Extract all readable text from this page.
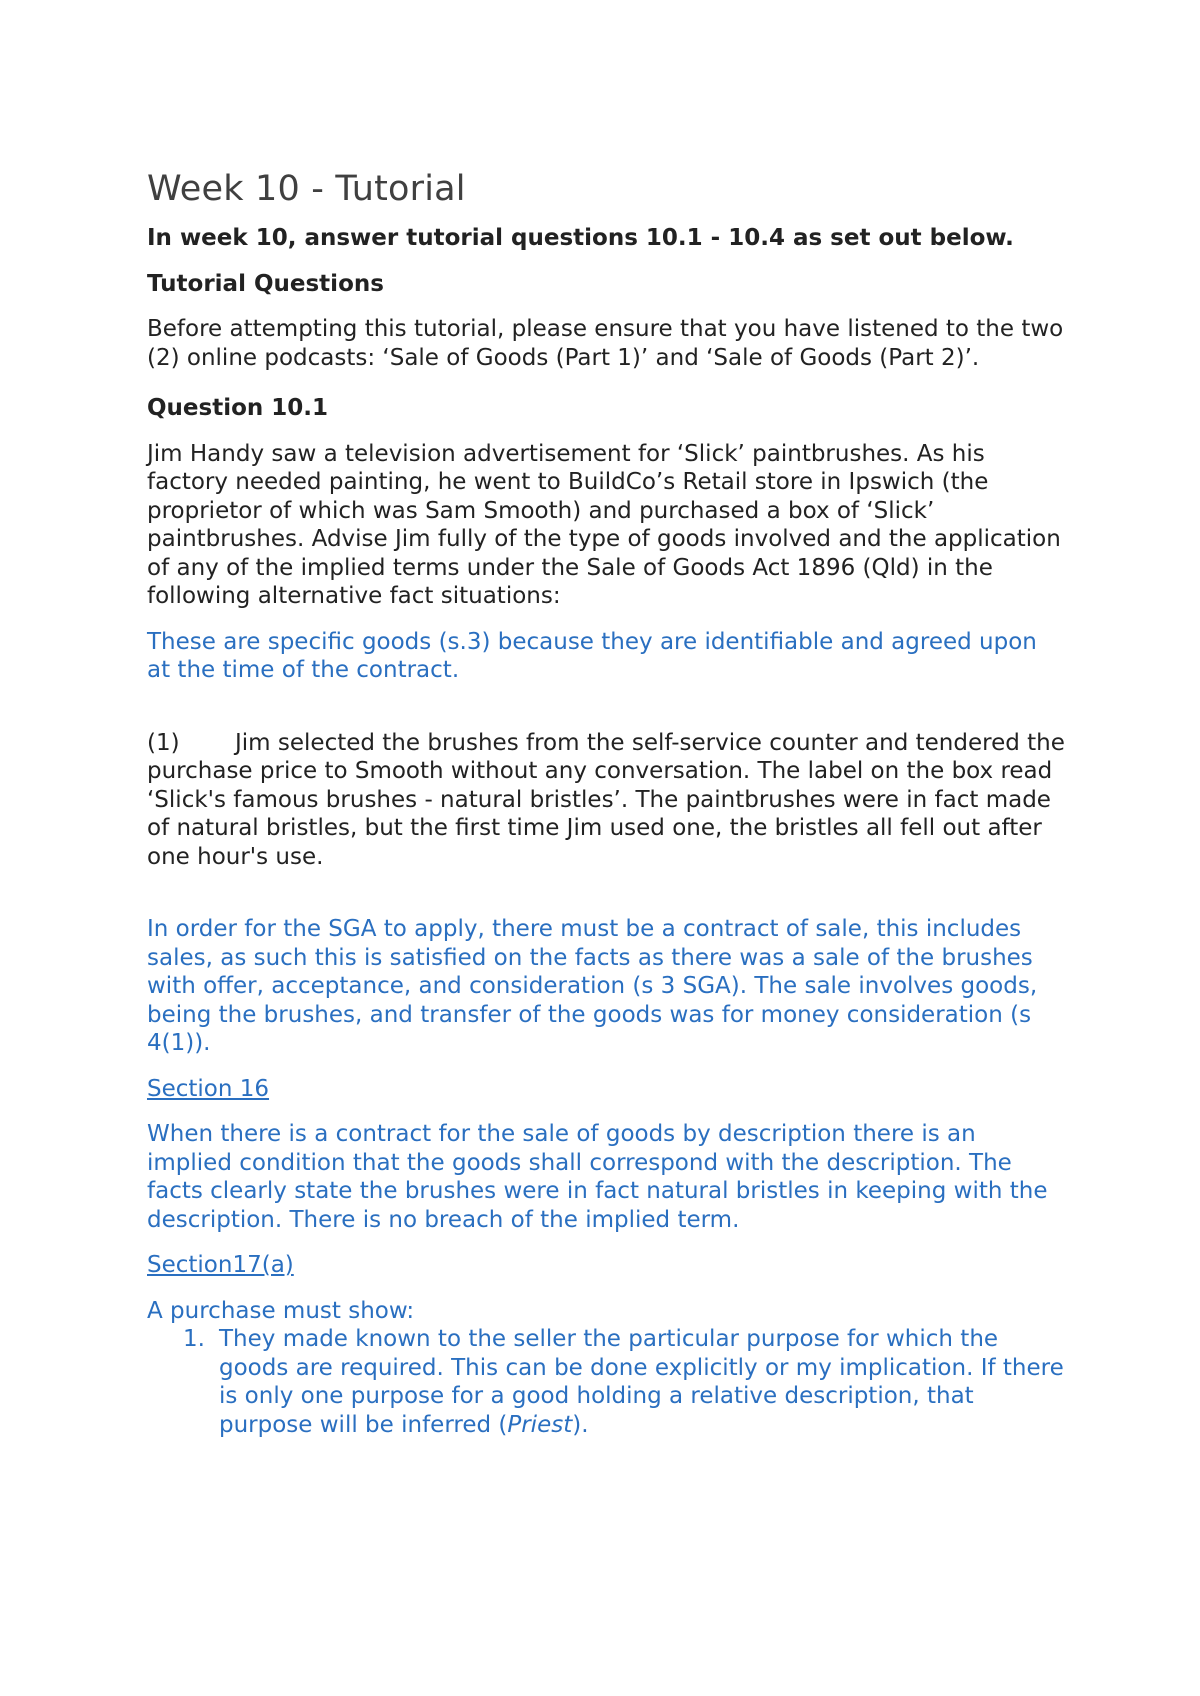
Week 10 - Tutorial

In week 10, answer tutorial questions 10.1 - 10.4 as set out below.

Tutorial Questions

Before attempting this tutorial, please ensure that you have listened to the two (2) online podcasts: ‘Sale of Goods (Part 1)’ and ‘Sale of Goods (Part 2)’.

Question 10.1

Jim Handy saw a television advertisement for ‘Slick’ paintbrushes. As his factory needed painting, he went to BuildCo’s Retail store in Ipswich (the proprietor of which was Sam Smooth) and purchased a box of ‘Slick’ paintbrushes. Advise Jim fully of the type of goods involved and the application of any of the implied terms under the Sale of Goods Act 1896 (Qld) in the following alternative fact situations:

These are specific goods (s.3) because they are identifiable and agreed upon at the time of the contract.

(1) Jim selected the brushes from the self-service counter and tendered the purchase price to Smooth without any conversation. The label on the box read ‘Slick's famous brushes - natural bristles’. The paintbrushes were in fact made of natural bristles, but the first time Jim used one, the bristles all fell out after one hour's use.

In order for the SGA to apply, there must be a contract of sale, this includes sales, as such this is satisfied on the facts as there was a sale of the brushes with offer, acceptance, and consideration (s 3 SGA). The sale involves goods, being the brushes, and transfer of the goods was for money consideration (s 4(1)).

Section 16

When there is a contract for the sale of goods by description there is an implied condition that the goods shall correspond with the description. The facts clearly state the brushes were in fact natural bristles in keeping with the description. There is no breach of the implied term.

Section17(a)

A purchase must show:

1. They made known to the seller the particular purpose for which the goods are required. This can be done explicitly or my implication. If there is only one purpose for a good holding a relative description, that purpose will be inferred (Priest).
